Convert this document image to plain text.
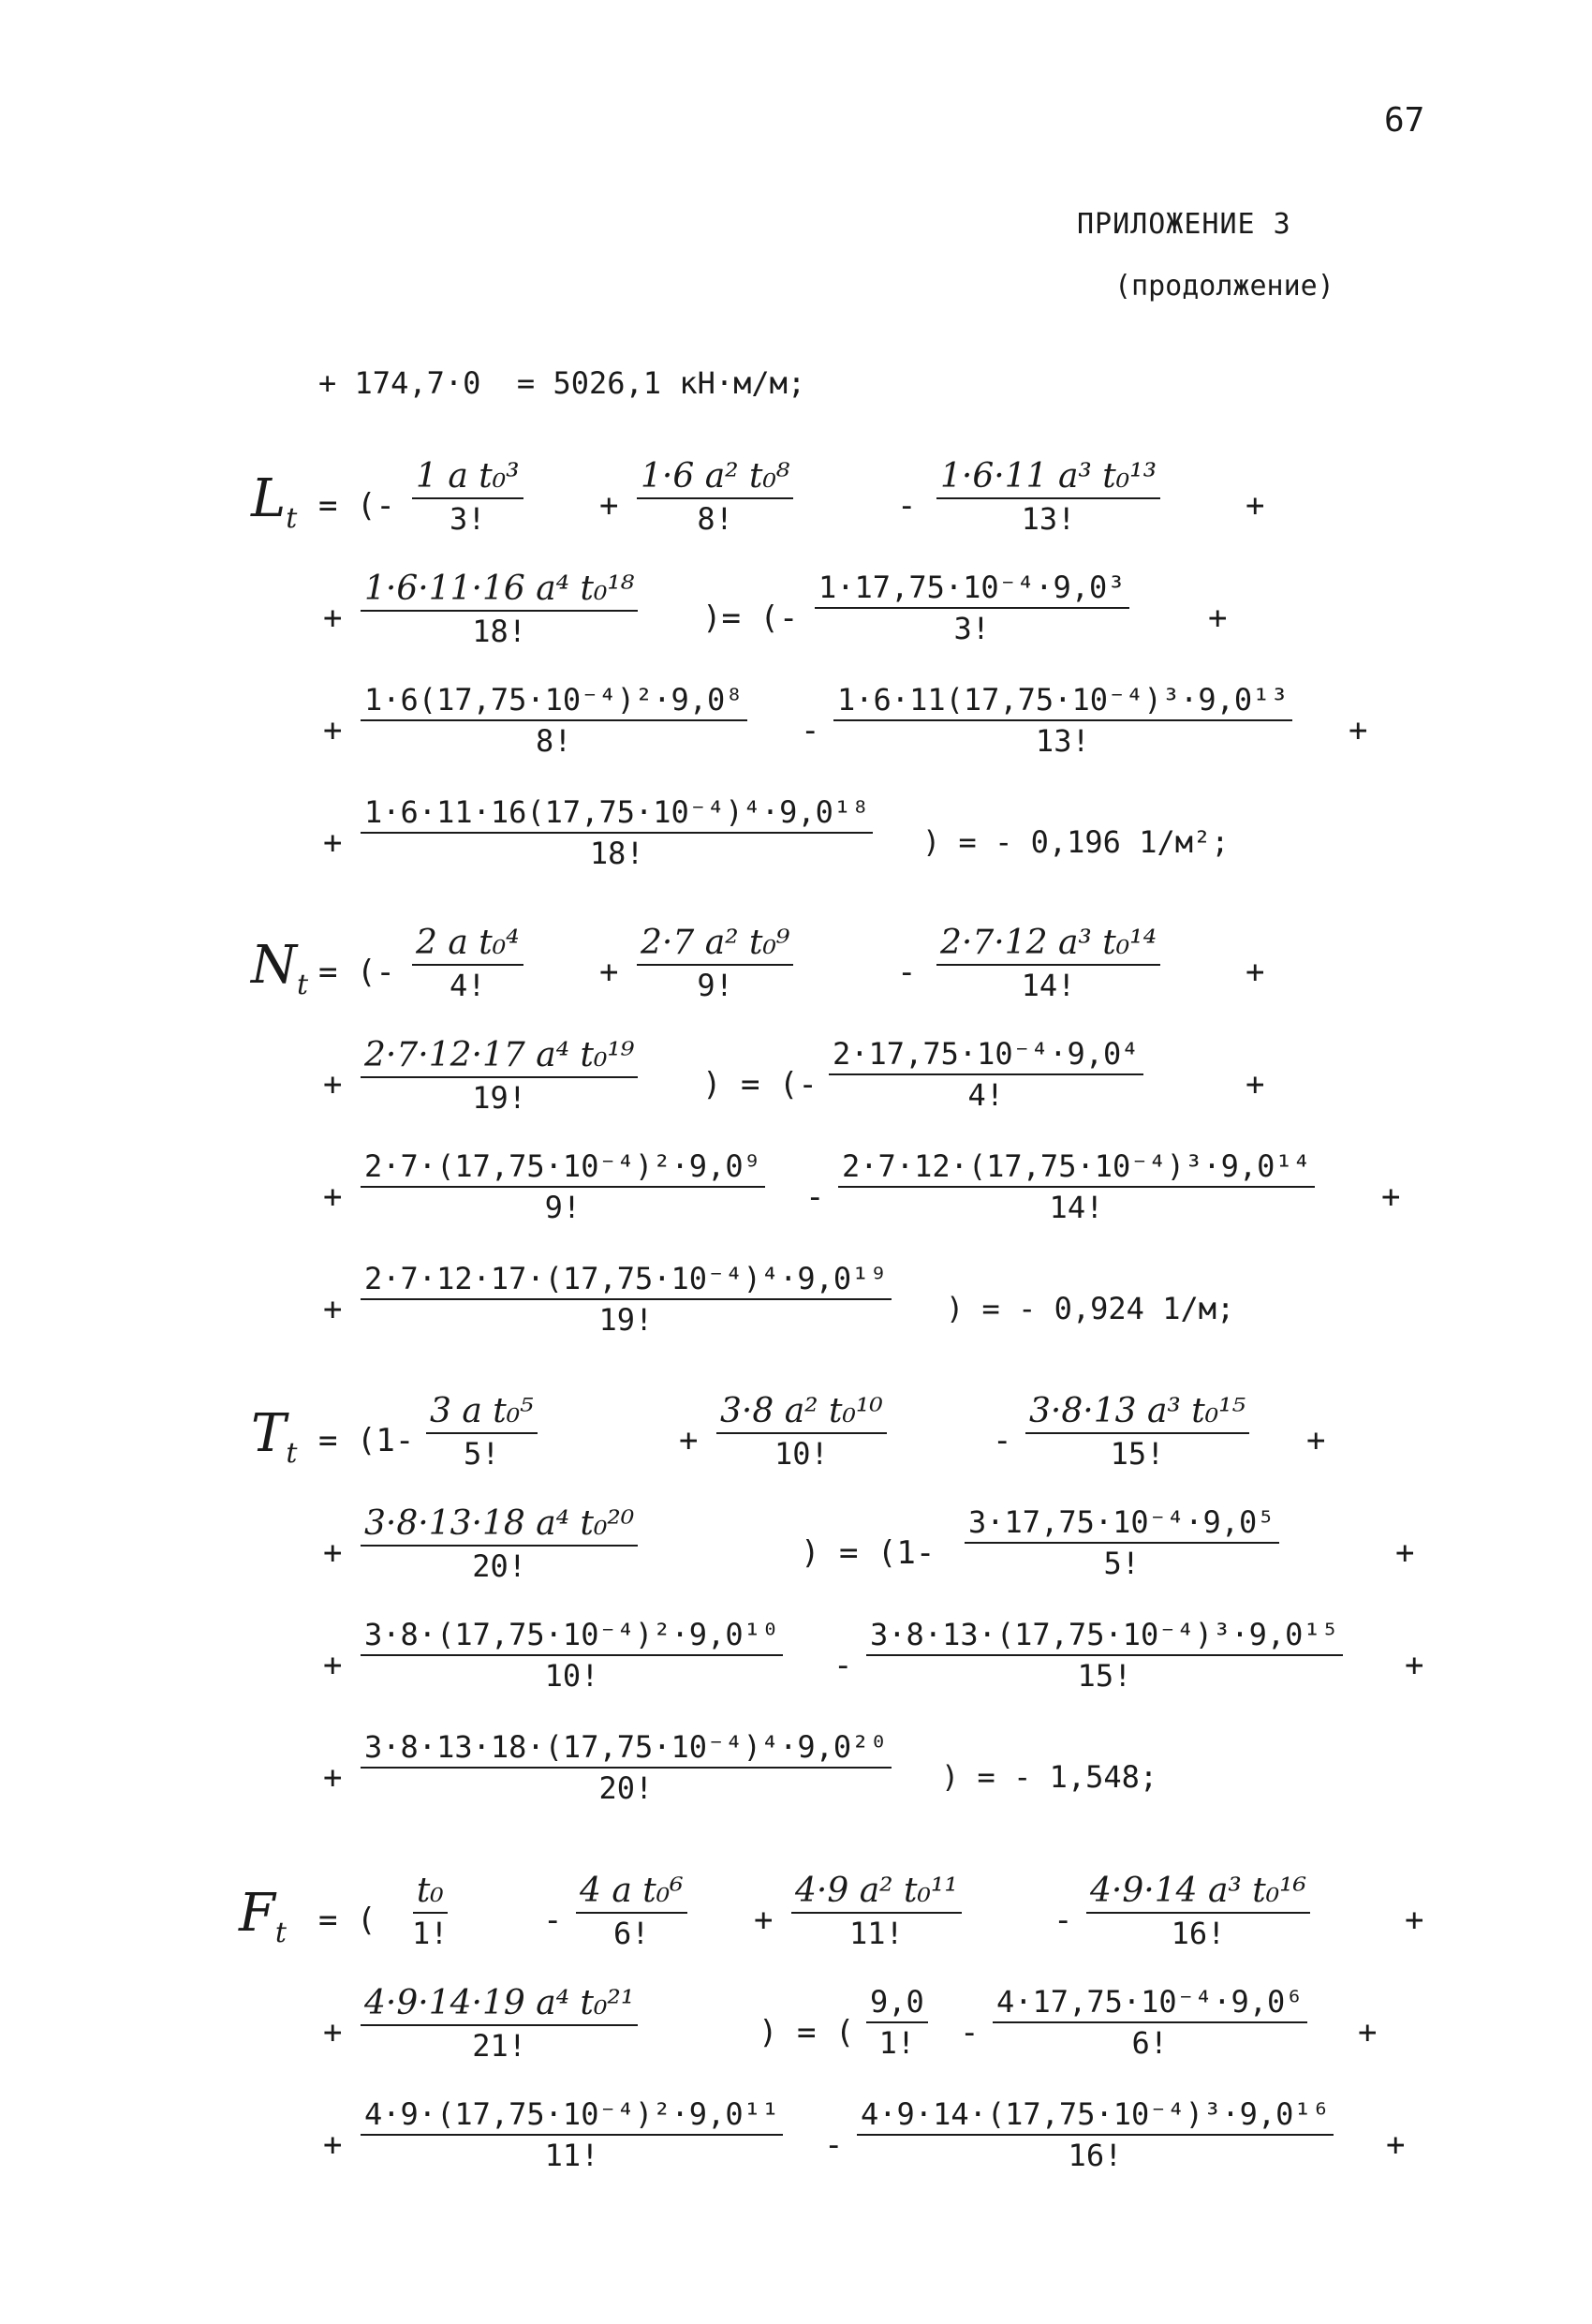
67
ПРИЛОЖЕНИЕ 3
(продолжение)
+ 174,7·0  = 5026,1 кН·м/м;
$L_t$ = (- $\frac{\text{1 a t₀³}}{3!} + \frac{\text{1·6 a² t₀⁸}}{8!}$	- $\frac{\text{1·6·11 a³ t₀¹³}}{13!}$	+
+ $\frac{\text{1·6·11·16 a⁴ t₀¹⁸}}{18!}$ )= (- $\frac{\text{1·17,75·10⁻⁴·9,0³}}{3!}$ +
+ $\frac{\text{1·6(17,75·10⁻⁴)²·9,0⁸}}{8!} - \frac{\text{1·6·11(17,75·10⁻⁴)³·9,0¹³}}{13!}$ +
+ $\frac{\text{1·6·11·16(17,75·10⁻⁴)⁴·9,0¹⁸}}{18!}$ ) = - 0,196 1/м²;
$N_t$ = (- $\frac{\text{2 a t₀⁴}}{4!} + \frac{\text{2·7 a² t₀⁹}}{9!}$	- $\frac{\text{2·7·12 a³ t₀¹⁴}}{14!}$	+
+ $\frac{\text{2·7·12·17 a⁴ t₀¹⁹}}{19!}$ ) = (- $\frac{\text{2·17,75·10⁻⁴·9,0⁴}}{4!}$	+
+ $\frac{\text{2·7·(17,75·10⁻⁴)²·9,0⁹}}{9!} - \frac{\text{2·7·12·(17,75·10⁻⁴)³·9,0¹⁴}}{14!}$ +
+ $\frac{\text{2·7·12·17·(17,75·10⁻⁴)⁴·9,0¹⁹}}{19!}$ ) = - 0,924 1/м;
$T_t = (1- \frac{\text{3 a t₀⁵}}{5!}$	+ $\frac{\text{3·8 a² t₀¹⁰}}{10!}$	- $\frac{\text{3·8·13 a³ t₀¹⁵}}{15!}$ +
+ $\frac{\text{3·8·13·18 a⁴ t₀²⁰}}{20!}$	) = ($1- \frac{\text{3·17,75·10⁻⁴·9,0⁵}}{5!}$	+
+ $\frac{\text{3·8·(17,75·10⁻⁴)²·9,0¹⁰}}{10!} - \frac{\text{3·8·13·(17,75·10⁻⁴)³·9,0¹⁵}}{15!}$ +
+ $\frac{\text{3·8·13·18·(17,75·10⁻⁴)⁴·9,0²⁰}}{20!}$ ) = - 1,548;
$F_t$ = ( $\frac{\text{t₀}}{1!}$	- $\frac{\text{4 a t₀⁶}}{6!} + \frac{\text{4·9 a² t₀¹¹}}{11!}$	- $\frac{\text{4·9·14 a³ t₀¹⁶}}{16!}$	+
+ $\frac{\text{4·9·14·19 a⁴ t₀²¹}}{21!}$	) = ( $\frac{9,0}{1!} - \frac{\text{4·17,75·10⁻⁴·9,0⁶}}{6!}$ +
+ $\frac{\text{4·9·(17,75·10⁻⁴)²·9,0¹¹}}{11!} - \frac{\text{4·9·14·(17,75·10⁻⁴)³·9,0¹⁶}}{16!}$ +
